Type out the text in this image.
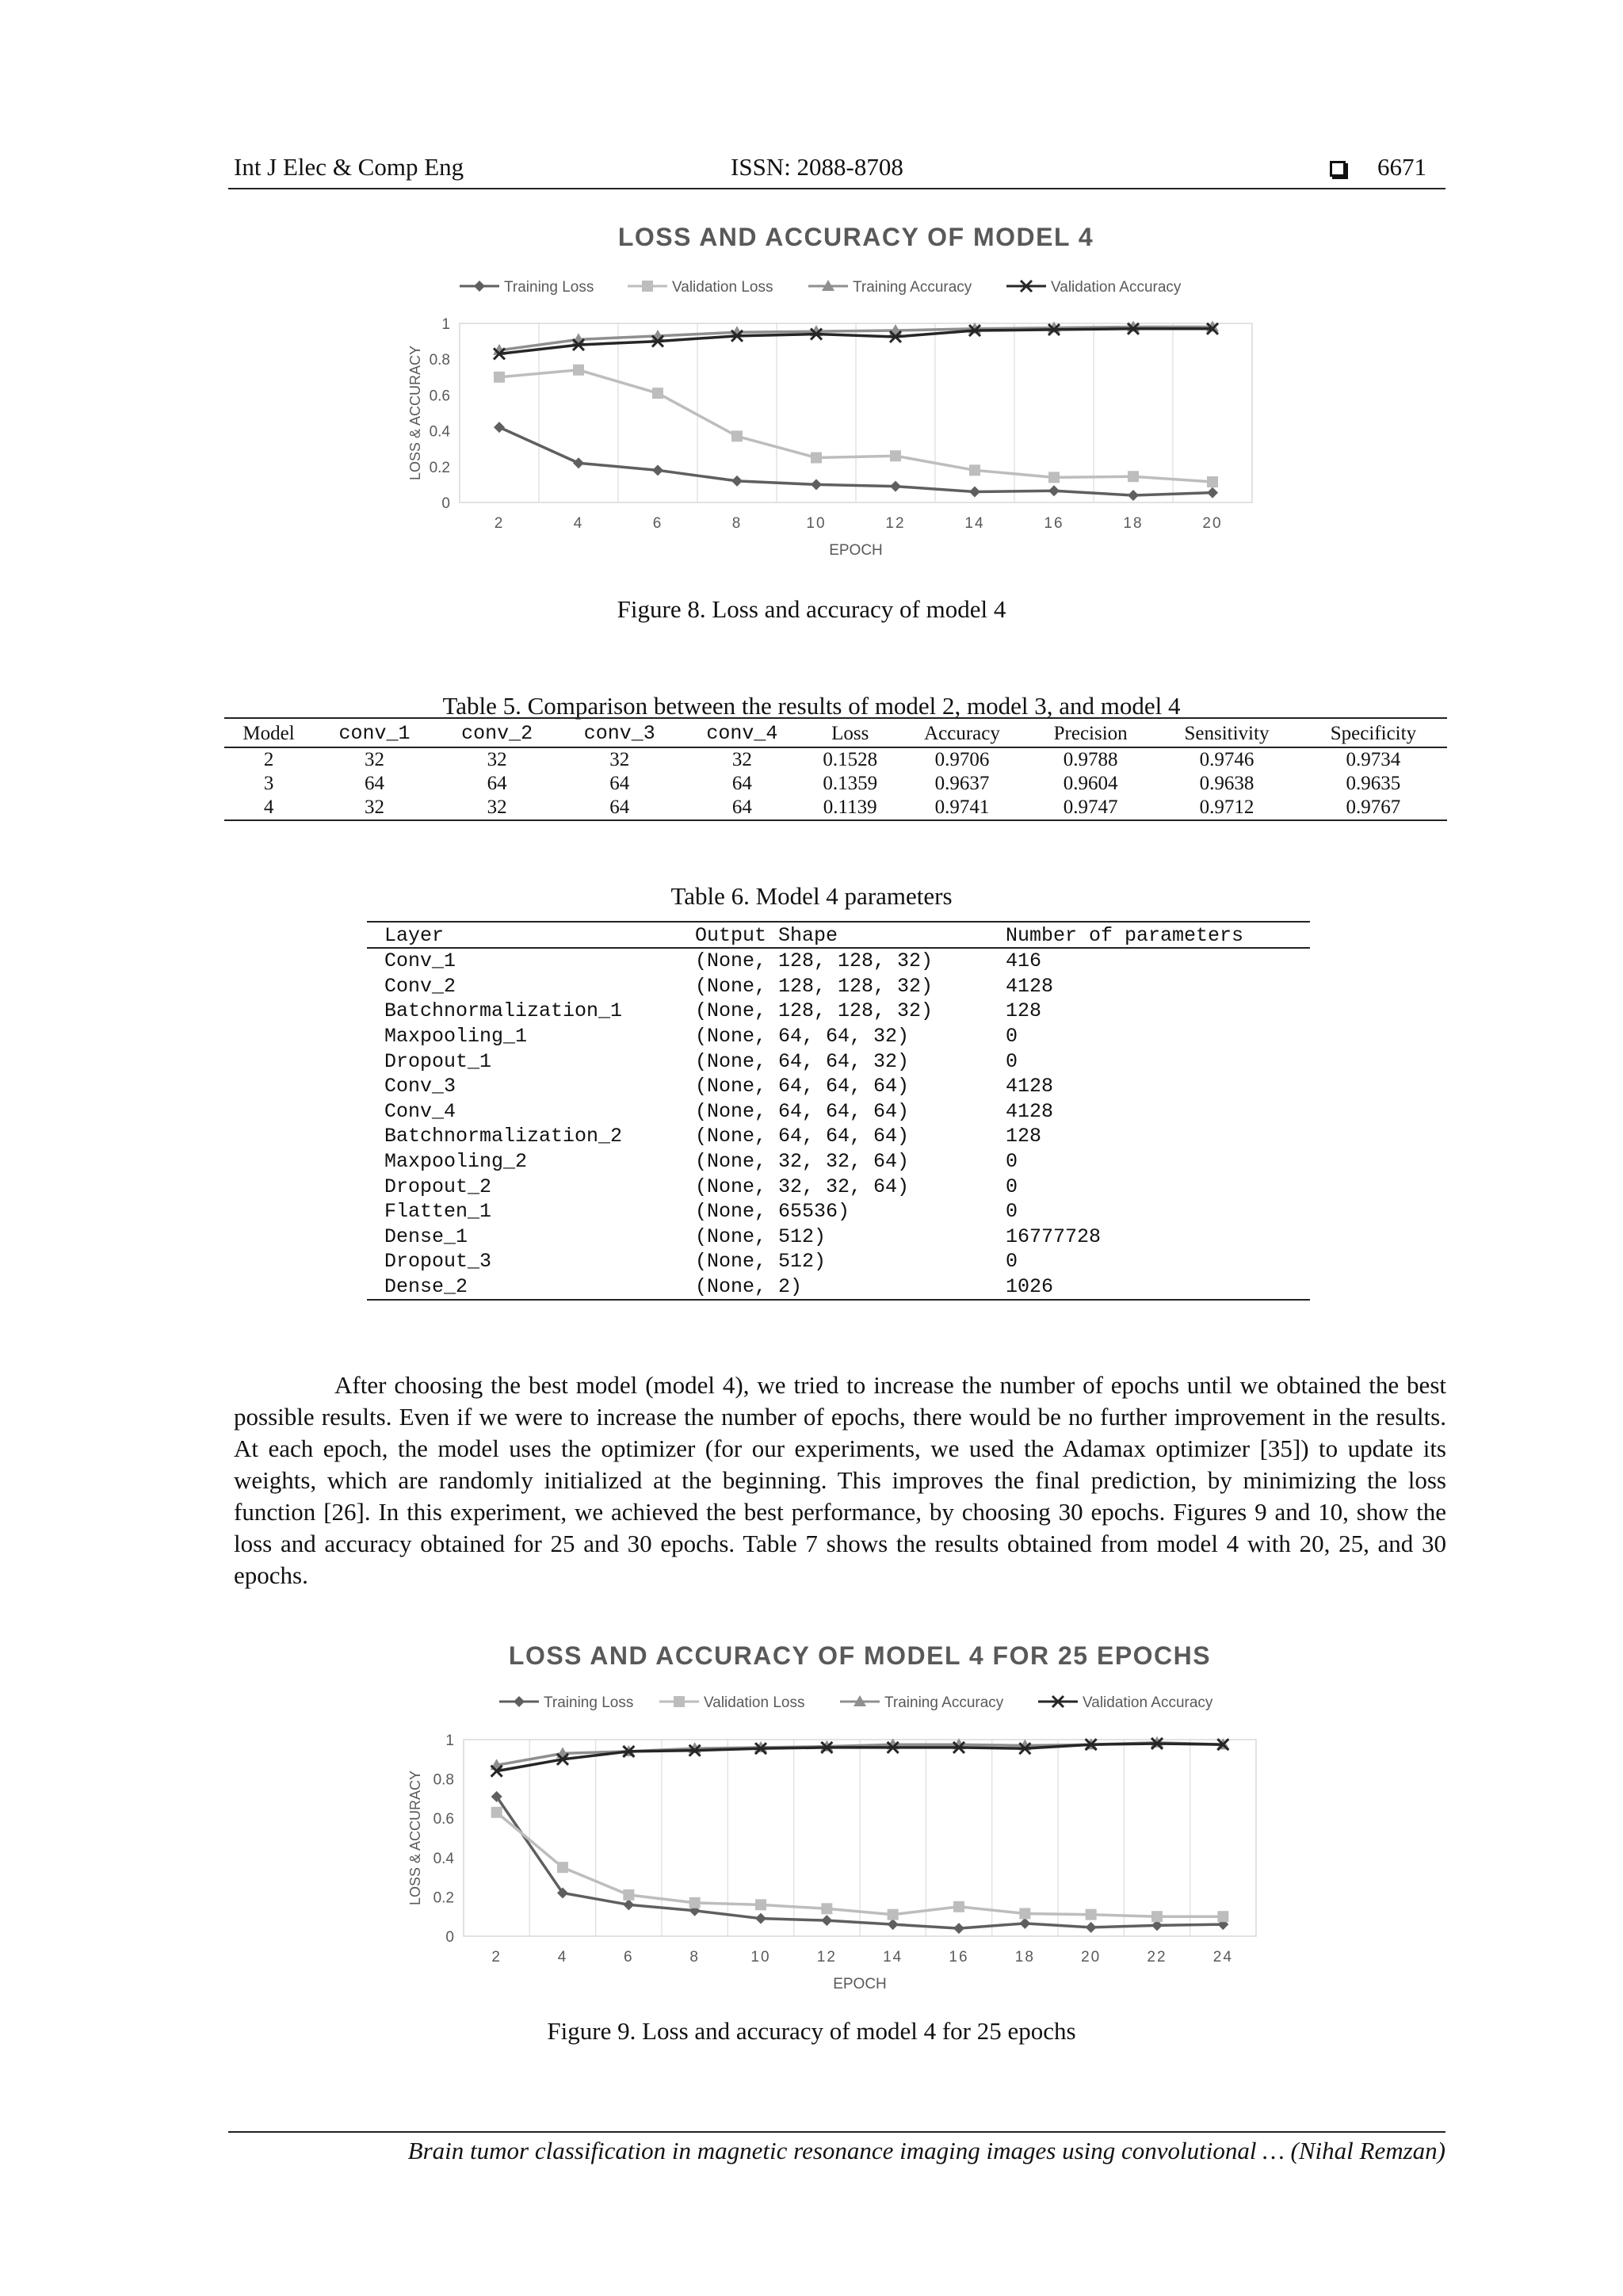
Int J Elec & Comp Eng	ISSN: 2088-8708	6671
LOSS AND ACCURACY OF MODEL 4
Training Loss	Validation Loss	Training Accuracy	Validation Accuracy
0
0.2
0.4
0.6
0.8
1
2	4	6	8	10	12	14	16	18	20
EPOCH
LOSS & ACCURACY
Figure 8. Loss and accuracy of model 4
Table 5. Comparison between the results of model 2, model 3, and model 4
Model	conv_1	conv_2	conv_3	conv_4	Loss	Accuracy	Precision	Sensitivity	Specificity
2	32	32	32	32	0.1528	0.9706	0.9788	0.9746	0.9734
3	64	64	64	64	0.1359	0.9637	0.9604	0.9638	0.9635
4	32	32	64	64	0.1139	0.9741	0.9747	0.9712	0.9767
Table 6. Model 4 parameters
Layer	Output Shape	Number of parameters
Conv_1	(None, 128, 128, 32)	416
Conv_2	(None, 128, 128, 32)	4128
Batchnormalization_1	(None, 128, 128, 32)	128
Maxpooling_1	(None, 64, 64, 32)	0
Dropout_1	(None, 64, 64, 32)	0
Conv_3	(None, 64, 64, 64)	4128
Conv_4	(None, 64, 64, 64)	4128
Batchnormalization_2	(None, 64, 64, 64)	128
Maxpooling_2	(None, 32, 32, 64)	0
Dropout_2	(None, 32, 32, 64)	0
Flatten_1	(None, 65536)	0
Dense_1	(None, 512)	16777728
Dropout_3	(None, 512)	0
Dense_2	(None, 2)	1026

After choosing the best model (model 4), we tried to increase the number of epochs until we obtained the best possible results. Even if we were to increase the number of epochs, there would be no further improvement in the results. At each epoch, the model uses the optimizer (for our experiments, we used the Adamax optimizer [35]) to update its weights, which are randomly initialized at the beginning. This improves the final prediction, by minimizing the loss function [26]. In this experiment, we achieved the best performance, by choosing 30 epochs. Figures 9 and 10, show the loss and accuracy obtained for 25 and 30 epochs. Table 7 shows the results obtained from model 4 with 20, 25, and 30 epochs.

LOSS AND ACCURACY OF MODEL 4 FOR 25 EPOCHS
Training Loss	Validation Loss	Training Accuracy	Validation Accuracy
0
0.2
0.4
0.6
0.8
1
2	4	6	8	10	12	14	16	18	20	22	24
EPOCH
LOSS & ACCURACY
Figure 9. Loss and accuracy of model 4 for 25 epochs
Brain tumor classification in magnetic resonance imaging images using convolutional … (Nihal Remzan)
